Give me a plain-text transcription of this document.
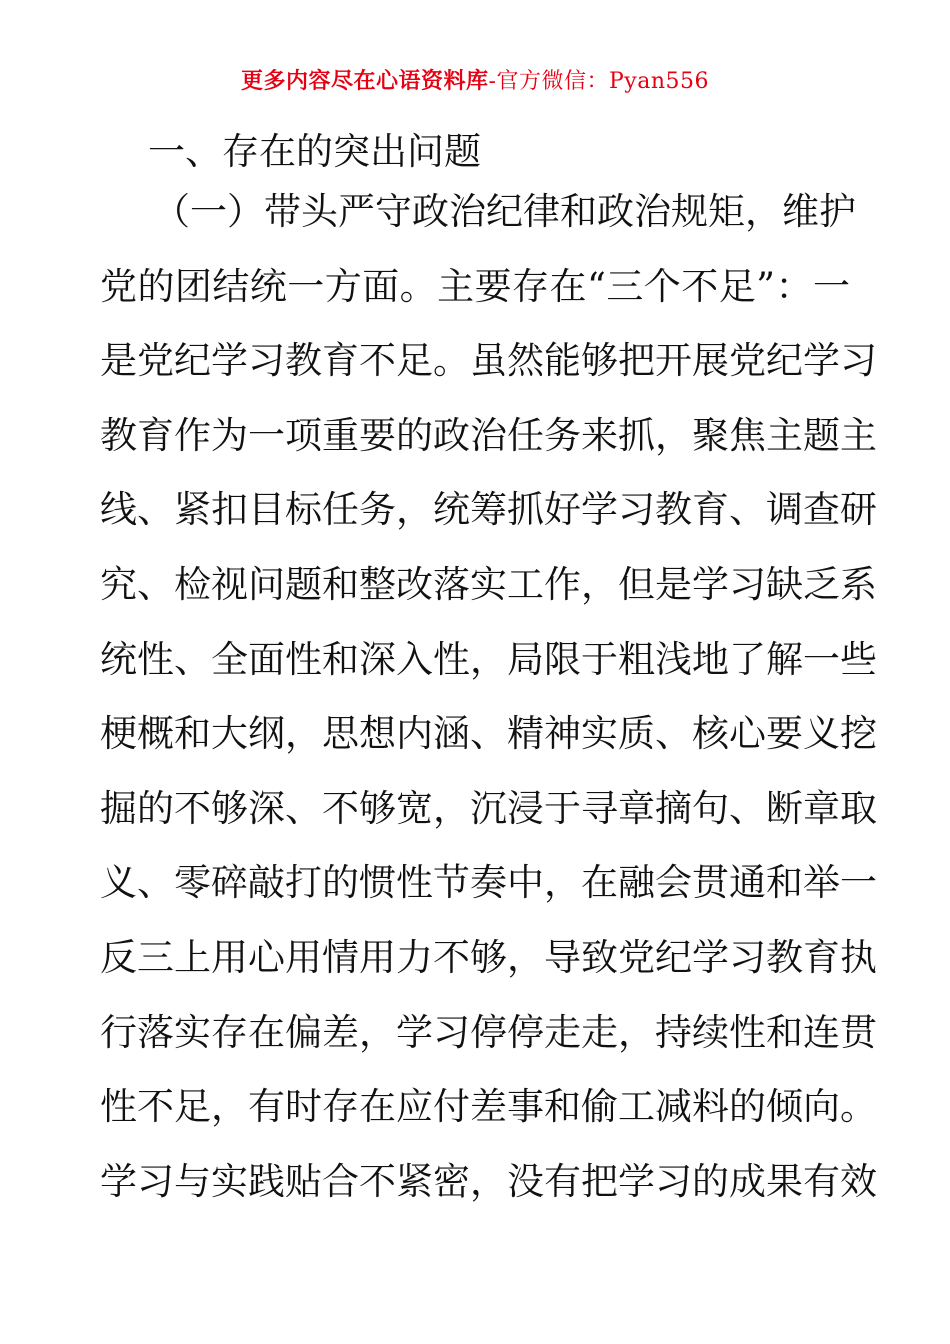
更多内容尽在心语资料库-官方微信：Pyan556
一、存在的突出问题
（一）带头严守政治纪律和政治规矩，维护
党的团结统一方面。主要存在“三个不足”：一
是党纪学习教育不足。虽然能够把开展党纪学习
教育作为一项重要的政治任务来抓，聚焦主题主
线、紧扣目标任务，统筹抓好学习教育、调查研
究、检视问题和整改落实工作，但是学习缺乏系
统性、全面性和深入性，局限于粗浅地了解一些
梗概和大纲，思想内涵、精神实质、核心要义挖
掘的不够深、不够宽，沉浸于寻章摘句、断章取
义、零碎敲打的惯性节奏中，在融会贯通和举一
反三上用心用情用力不够，导致党纪学习教育执
行落实存在偏差，学习停停走走，持续性和连贯
性不足，有时存在应付差事和偷工减料的倾向。
学习与实践贴合不紧密，没有把学习的成果有效
